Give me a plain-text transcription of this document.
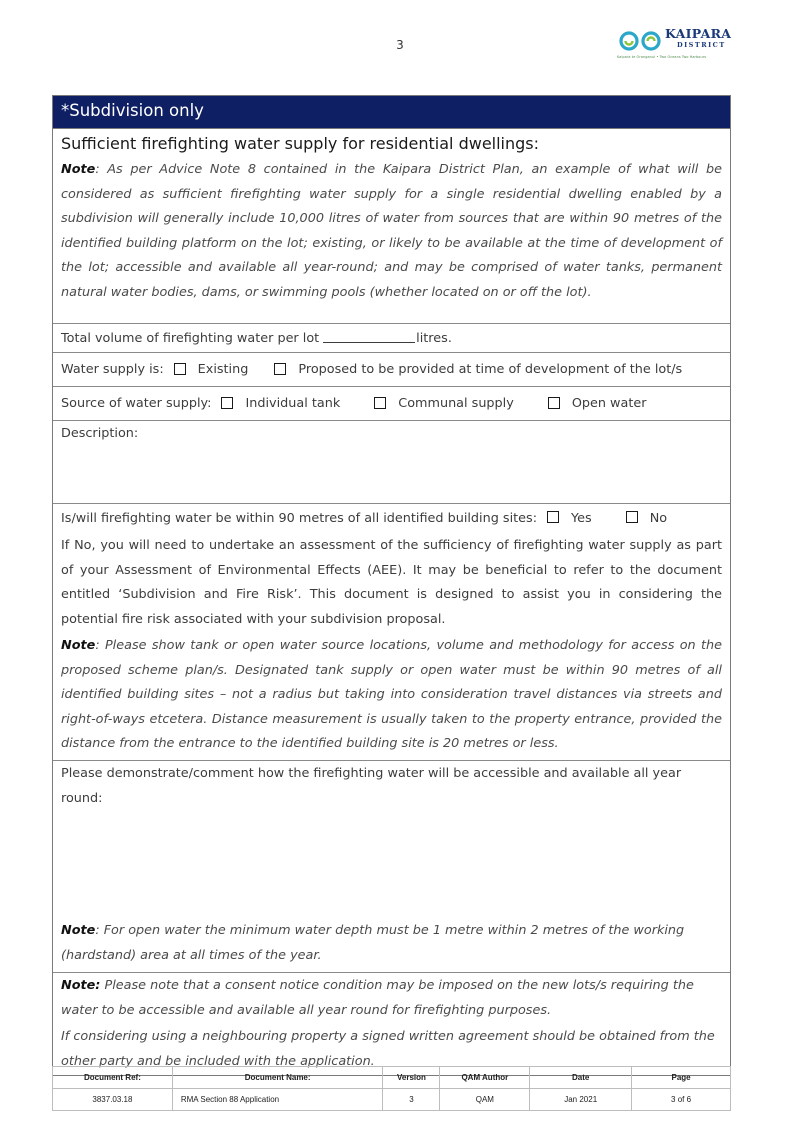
3
KAIPARA
DISTRICT
Kaipara te Oranganui • Two Oceans Two Harbours
*Subdivision only
Sufficient firefighting water supply for residential dwellings:
Note: As per Advice Note 8 contained in the Kaipara District Plan, an example of what will be considered as sufficient firefighting water supply for a single residential dwelling enabled by a subdivision will generally include 10,000 litres of water from sources that are within 90 metres of the identified building platform on the lot; existing, or likely to be available at the time of development of the lot; accessible and available all year-round; and may be comprised of water tanks, permanent natural water bodies, dams, or swimming pools (whether located on or off the lot).
Total volume of firefighting water per lot	litres.
Water supply is:	Existing	Proposed to be provided at time of development of the lot/s
Source of water supply:	Individual tank	Communal supply	Open water
Description:
Is/will firefighting water be within 90 metres of all identified building sites:	Yes	No
If No, you will need to undertake an assessment of the sufficiency of firefighting water supply as part of your Assessment of Environmental Effects (AEE). It may be beneficial to refer to the document entitled ‘Subdivision and Fire Risk’. This document is designed to assist you in considering the potential fire risk associated with your subdivision proposal.
Note: Please show tank or open water source locations, volume and methodology for access on the proposed scheme plan/s. Designated tank supply or open water must be within 90 metres of all identified building sites – not a radius but taking into consideration travel distances via streets and right-of-ways etcetera. Distance measurement is usually taken to the property entrance, provided the distance from the entrance to the identified building site is 20 metres or less.
Please demonstrate/comment how the firefighting water will be accessible and available all year round:
Note: For open water the minimum water depth must be 1 metre within 2 metres of the working (hardstand) area at all times of the year.
Note: Please note that a consent notice condition may be imposed on the new lots/s requiring the water to be accessible and available all year round for firefighting purposes.
If considering using a neighbouring property a signed written agreement should be obtained from the other party and be included with the application.
Document Ref:	Document Name:	Version	QAM Author	Date	Page
3837.03.18	RMA Section 88 Application	3	QAM	Jan 2021	3 of 6
